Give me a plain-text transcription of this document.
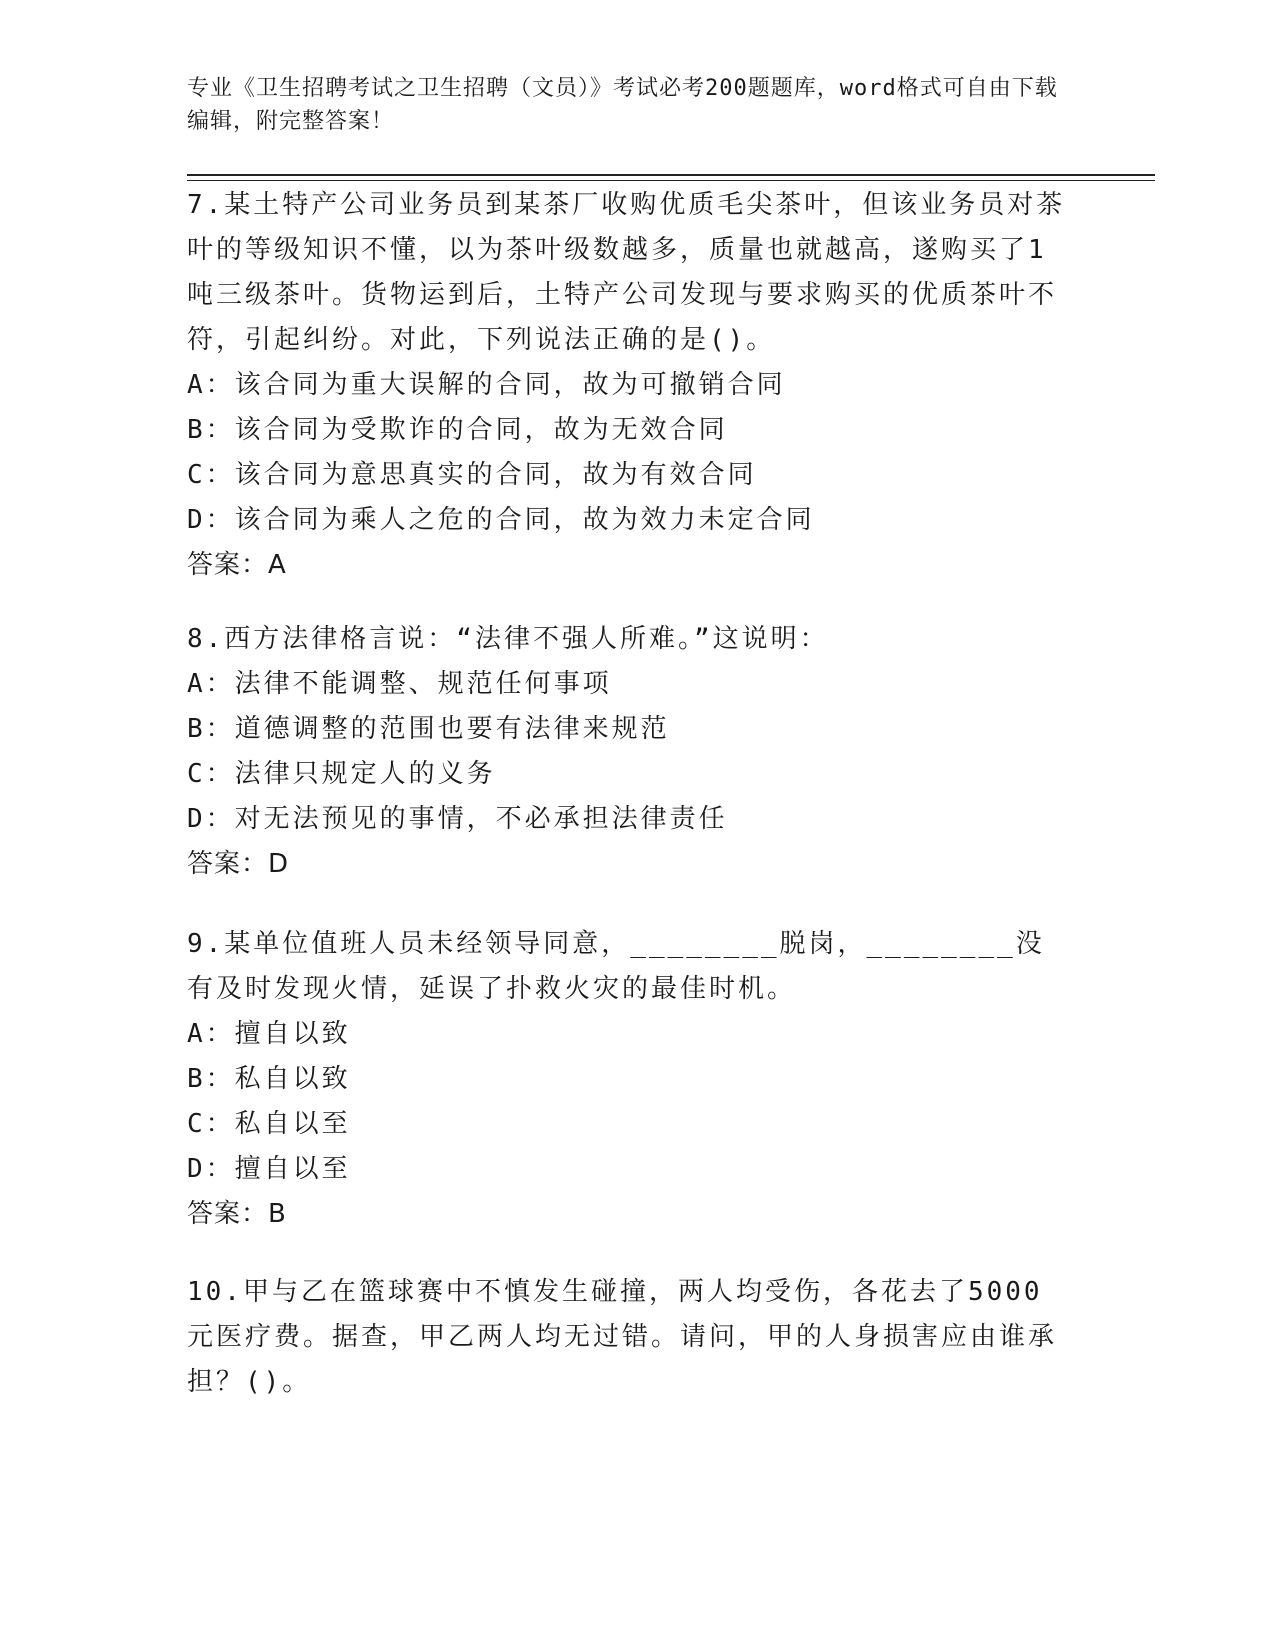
专业《卫生招聘考试之卫生招聘（文员）》考试必考200题题库，word格式可自由下载编辑，附完整答案！
7.某土特产公司业务员到某茶厂收购优质毛尖茶叶，但该业务员对茶叶的等级知识不懂，以为茶叶级数越多，质量也就越高，遂购买了1吨三级茶叶。货物运到后，土特产公司发现与要求购买的优质茶叶不符，引起纠纷。对此，下列说法正确的是()。
A：该合同为重大误解的合同，故为可撤销合同
B：该合同为受欺诈的合同，故为无效合同
C：该合同为意思真实的合同，故为有效合同
D：该合同为乘人之危的合同，故为效力未定合同
答案：A
8.西方法律格言说：“法律不强人所难。”这说明：
A：法律不能调整、规范任何事项
B：道德调整的范围也要有法律来规范
C：法律只规定人的义务
D：对无法预见的事情，不必承担法律责任
答案：D
9.某单位值班人员未经领导同意，________脱岗，________没有及时发现火情，延误了扑救火灾的最佳时机。
A：擅自以致
B：私自以致
C：私自以至
D：擅自以至
答案：B
10.甲与乙在篮球赛中不慎发生碰撞，两人均受伤，各花去了5000元医疗费。据查，甲乙两人均无过错。请问，甲的人身损害应由谁承担？()。
